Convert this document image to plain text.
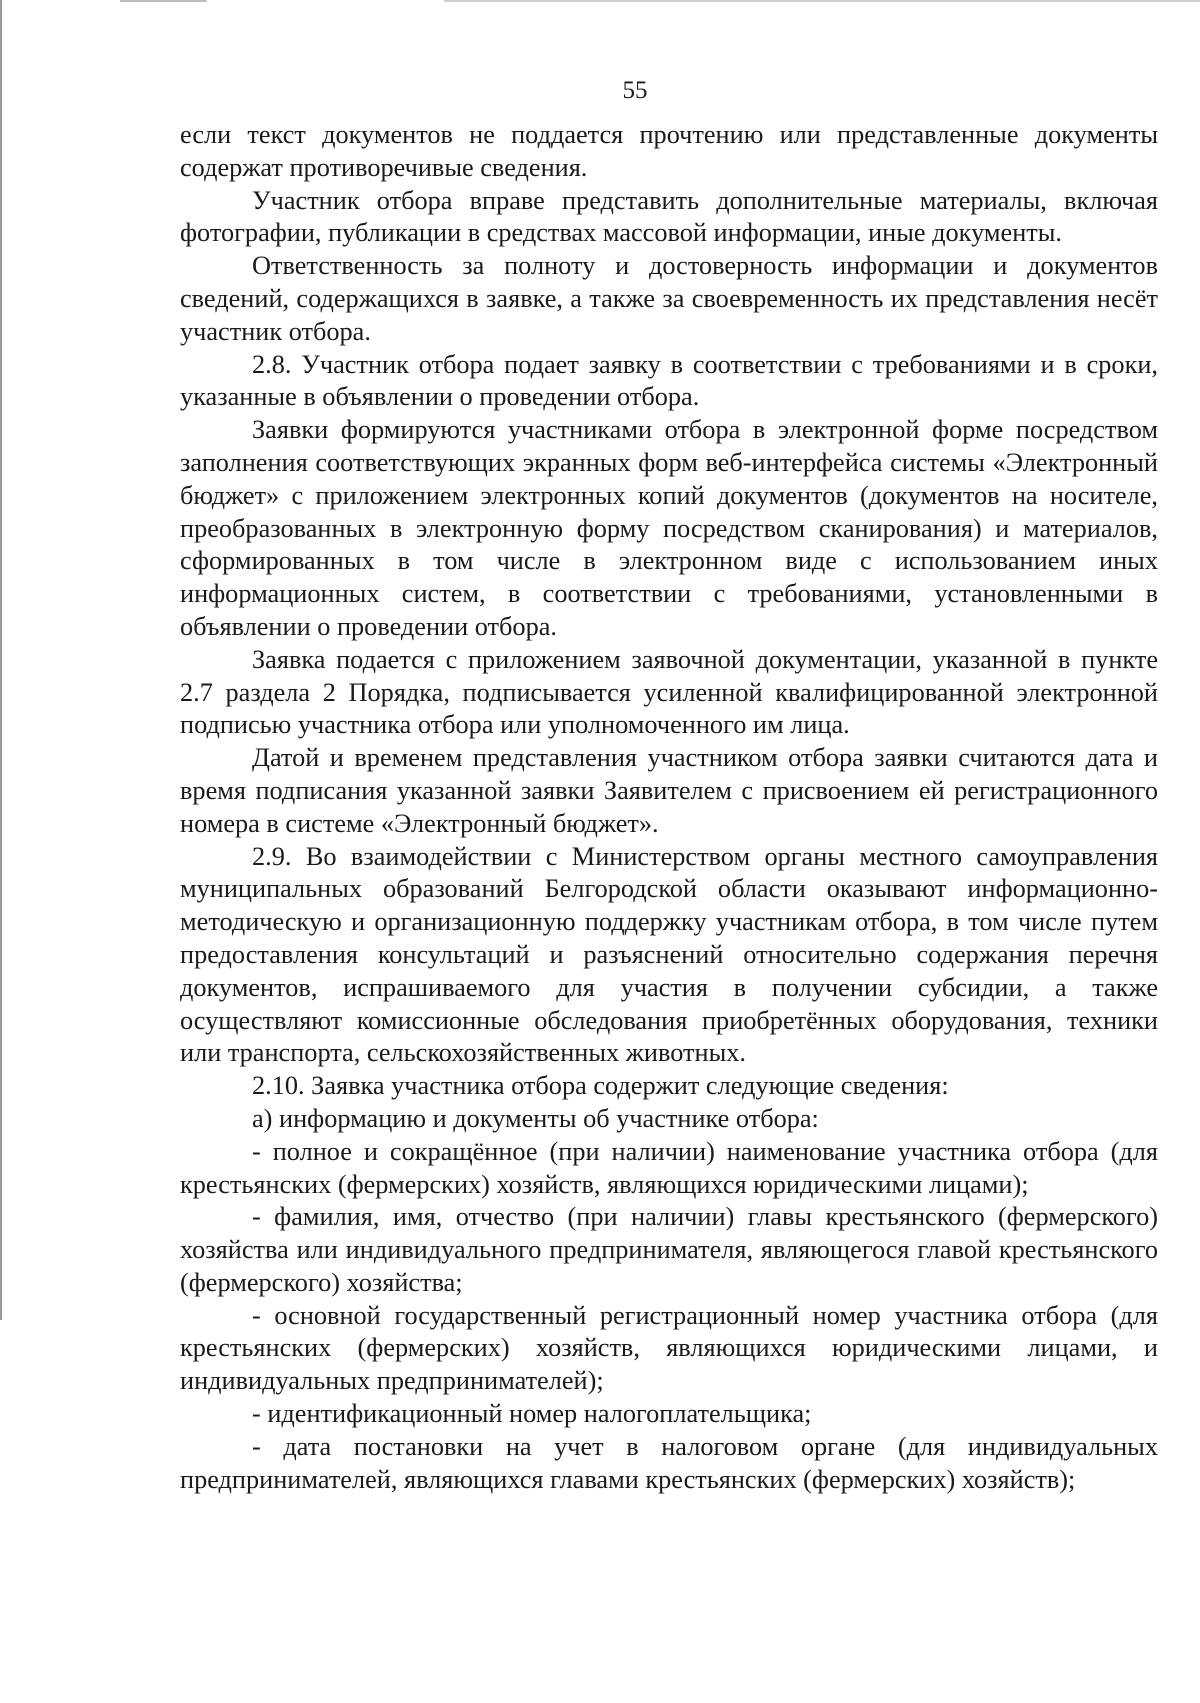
55

если текст документов не поддается прочтению или представленные документы содержат противоречивые сведения.

Участник отбора вправе представить дополнительные материалы, включая фотографии, публикации в средствах массовой информации, иные документы.

Ответственность за полноту и достоверность информации и документов сведений, содержащихся в заявке, а также за своевременность их представления несёт участник отбора.

2.8. Участник отбора подает заявку в соответствии с требованиями и в сроки, указанные в объявлении о проведении отбора.

Заявки формируются участниками отбора в электронной форме посредством заполнения соответствующих экранных форм веб-интерфейса системы «Электронный бюджет» с приложением электронных копий документов (документов на носителе, преобразованных в электронную форму посредством сканирования) и материалов, сформированных в том числе в электронном виде с использованием иных информационных систем, в соответствии с требованиями, установленными в объявлении о проведении отбора.

Заявка подается с приложением заявочной документации, указанной в пункте 2.7 раздела 2 Порядка, подписывается усиленной квалифицированной электронной подписью участника отбора или уполномоченного им лица.

Датой и временем представления участником отбора заявки считаются дата и время подписания указанной заявки Заявителем с присвоением ей регистрационного номера в системе «Электронный бюджет».

2.9. Во взаимодействии с Министерством органы местного самоуправления муниципальных образований Белгородской области оказывают информационно-методическую и организационную поддержку участникам отбора, в том числе путем предоставления консультаций и разъяснений относительно содержания перечня документов, испрашиваемого для участия в получении субсидии, а также осуществляют комиссионные обследования приобретённых оборудования, техники или транспорта, сельскохозяйственных животных.

2.10. Заявка участника отбора содержит следующие сведения:

а) информацию и документы об участнике отбора:

- полное и сокращённое (при наличии) наименование участника отбора (для крестьянских (фермерских) хозяйств, являющихся юридическими лицами);

- фамилия, имя, отчество (при наличии) главы крестьянского (фермерского) хозяйства или индивидуального предпринимателя, являющегося главой крестьянского (фермерского) хозяйства;

- основной государственный регистрационный номер участника отбора (для крестьянских (фермерских) хозяйств, являющихся юридическими лицами, и индивидуальных предпринимателей);

- идентификационный номер налогоплательщика;

- дата постановки на учет в налоговом органе (для индивидуальных предпринимателей, являющихся главами крестьянских (фермерских) хозяйств);
